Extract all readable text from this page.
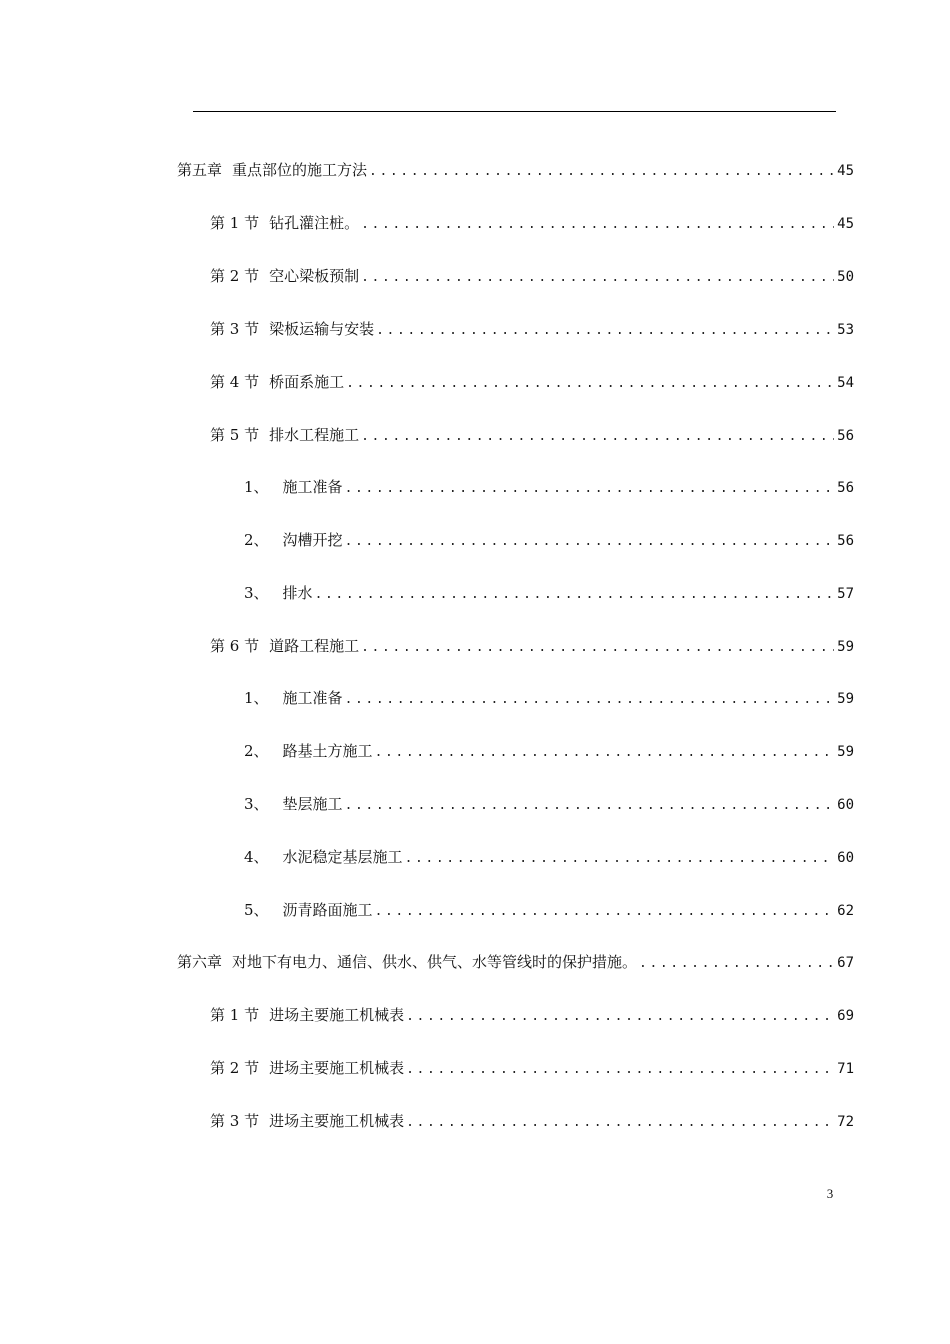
第五章 重点部位的施工方法 .....	45
第 1 节 钻孔灌注桩。 .....	45
第 2 节 空心梁板预制 .....	50
第 3 节 梁板运输与安装 .....	53
第 4 节 桥面系施工 .....	54
第 5 节 排水工程施工 .....	56
1、 施工准备 .....	56
2、 沟槽开挖 .....	56
3、 排水 .....	57
第 6 节 道路工程施工 .....	59
1、 施工准备 .....	59
2、 路基土方施工 .....	59
3、 垫层施工 .....	60
4、 水泥稳定基层施工 .....	60
5、 沥青路面施工 .....	62
第六章 对地下有电力、通信、供水、供气、水等管线时的保护措施。 .....	67
第 1 节 进场主要施工机械表 .....	69
第 2 节 进场主要施工机械表 .....	71
第 3 节 进场主要施工机械表 .....	72
3
